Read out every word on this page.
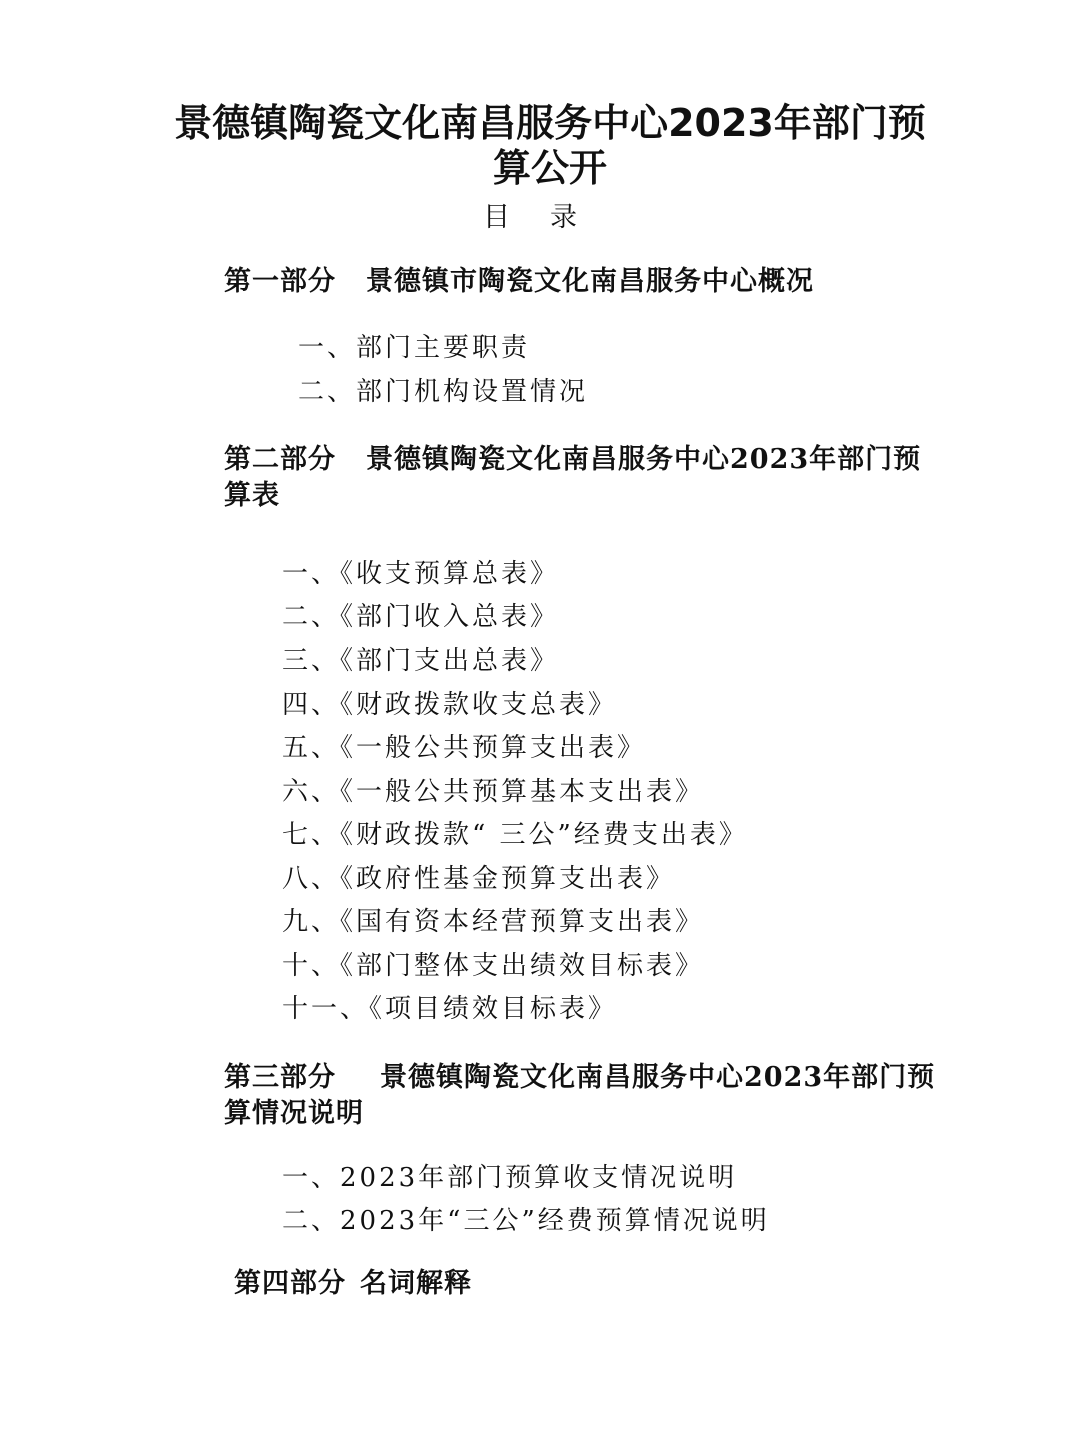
景德镇陶瓷文化南昌服务中心2023年部门预
算公开
目录
第一部分 景德镇市陶瓷文化南昌服务中心概况
一、部门主要职责
二、部门机构设置情况
第二部分 景德镇陶瓷文化南昌服务中心2023年部门预算表
一、《收支预算总表》
二、《部门收入总表》
三、《部门支出总表》
四、《财政拨款收支总表》
五、《一般公共预算支出表》
六、《一般公共预算基本支出表》
七、《财政拨款“ 三公”经费支出表》
八、《政府性基金预算支出表》
九、《国有资本经营预算支出表》
十、《部门整体支出绩效目标表》
十一、《项目绩效目标表》
第三部分 景德镇陶瓷文化南昌服务中心2023年部门预算情况说明
一、2023年部门预算收支情况说明
二、2023年“三公”经费预算情况说明
第四部分 名词解释
